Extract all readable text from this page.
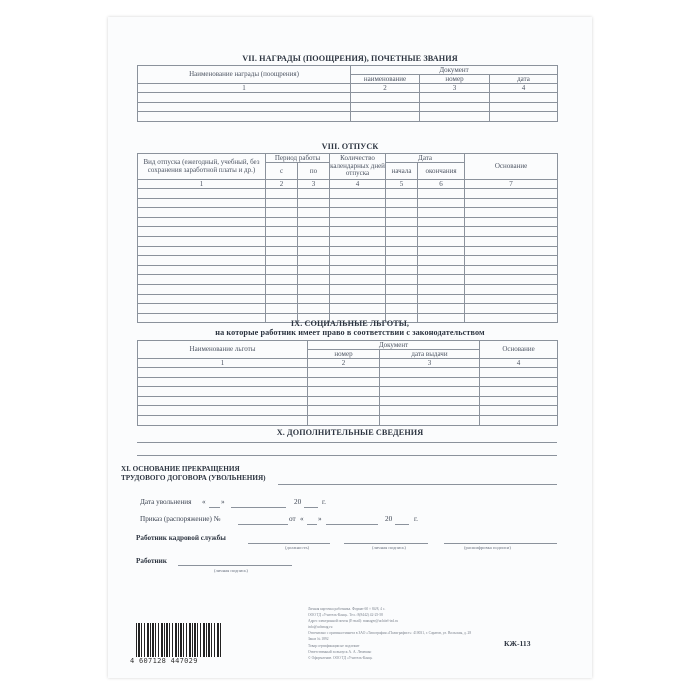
VII. НАГРАДЫ (ПООЩРЕНИЯ), ПОЧЕТНЫЕ ЗВАНИЯ
Наименование награды (поощрения)	Документ		
	наименование	номер	дата
1	2	3	4

VIII. ОТПУСК
Вид отпуска (ежегодный, учебный, без сохранения заработной платы и др.)	Период работы		Количество календарных дней отпуска	Дата		Основание
	с	по		начала	окончания	
1	2	3	4	5	6	7

IX. СОЦИАЛЬНЫЕ ЛЬГОТЫ,
на которые работник имеет право в соответствии с законодательством
Наименование льготы	Документ		Основание
	номер	дата выдачи	
1	2	3	4

X. ДОПОЛНИТЕЛЬНЫЕ СВЕДЕНИЯ
XI. ОСНОВАНИЕ ПРЕКРАЩЕНИЯ
ТРУДОВОГО ДОГОВОРА (УВОЛЬНЕНИЯ)
Дата увольнения « »	20	г.
Приказ (распоряжение) №	от « »	20	г.
Работник кадровой службы
(должность)	(личная подпись)	(расшифровка подписи)
Работник
(личная подпись)
4 607128 447029
Личная карточка работника. Формат 60 × 84/8, 4 с.
ООО ТД «Учитель-Канц». Тел.: 8(8442) 42-25-58
Адрес электронной почты (E-mail): manager@uchitel-izd.ru
info@uchmag.ru
Отпечатано с оригинал-макета в ЗАО «Типография «Полиграфист»: 410031, г. Саратов, ул. Вольская, д. 28
Заказ № 1892
Товар сертификации не подлежит
Ответственный за выпуск А. А. Лемешко
© Оформление. ООО ТД «Учитель-Канц»
КЖ-113
